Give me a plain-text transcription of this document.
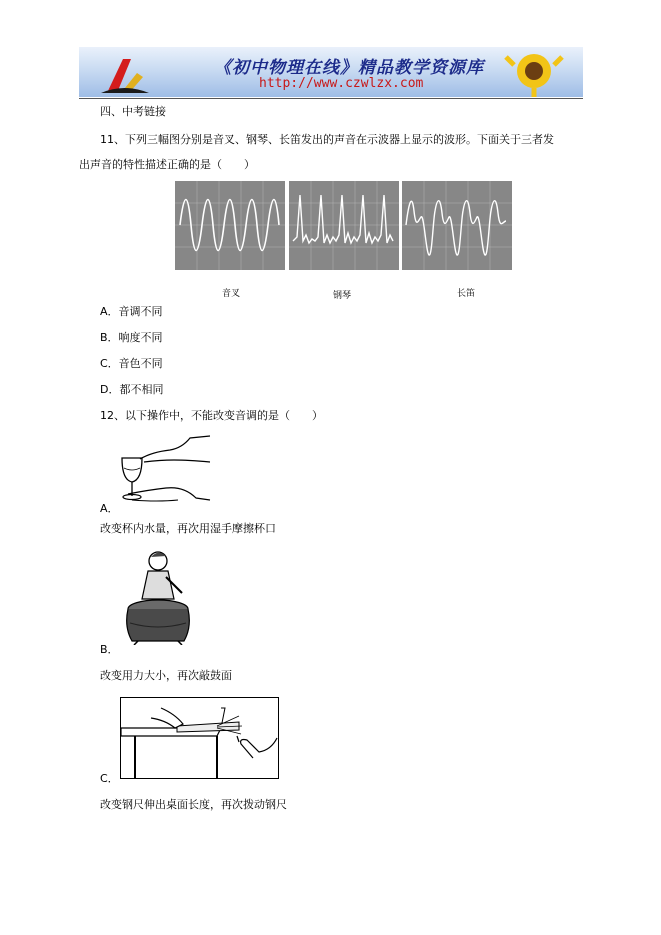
《初中物理在线》精品教学资源库
http://www.czwlzx.com
四、中考链接
11、下列三幅图分别是音叉、钢琴、长笛发出的声音在示波器上显示的波形。下面关于三者发
出声音的特性描述正确的是（　　）
音叉	钢琴	长笛
A．音调不同
B．响度不同
C．音色不同
D．都不相同
12、以下操作中，不能改变音调的是（　　）
A．
改变杯内水量，再次用湿手摩擦杯口
B．
改变用力大小，再次敲鼓面
C．
改变钢尺伸出桌面长度，再次拨动钢尺
